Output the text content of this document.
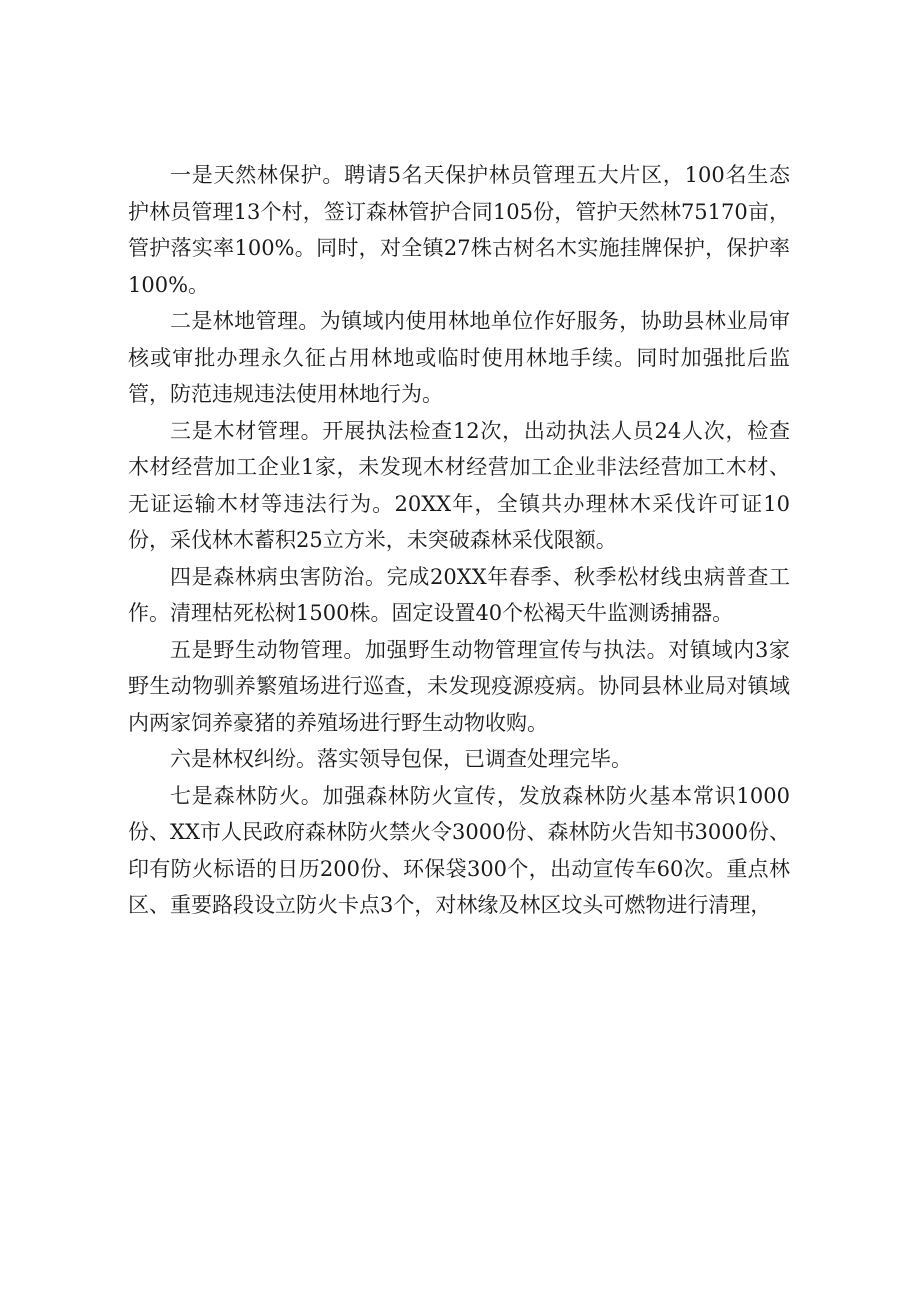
一是天然林保护。聘请5名天保护林员管理五大片区，100名生态护林员管理13个村，签订森林管护合同105份，管护天然林75170亩，管护落实率100%。同时，对全镇27株古树名木实施挂牌保护，保护率100%。

二是林地管理。为镇域内使用林地单位作好服务，协助县林业局审核或审批办理永久征占用林地或临时使用林地手续。同时加强批后监管，防范违规违法使用林地行为。

三是木材管理。开展执法检查12次，出动执法人员24人次，检查木材经营加工企业1家，未发现木材经营加工企业非法经营加工木材、无证运输木材等违法行为。20XX年，全镇共办理林木采伐许可证10份，采伐林木蓄积25立方米，未突破森林采伐限额。

四是森林病虫害防治。完成20XX年春季、秋季松材线虫病普查工作。清理枯死松树1500株。固定设置40个松褐天牛监测诱捕器。

五是野生动物管理。加强野生动物管理宣传与执法。对镇域内3家野生动物驯养繁殖场进行巡查，未发现疫源疫病。协同县林业局对镇域内两家饲养豪猪的养殖场进行野生动物收购。

六是林权纠纷。落实领导包保，已调查处理完毕。

七是森林防火。加强森林防火宣传，发放森林防火基本常识1000份、XX市人民政府森林防火禁火令3000份、森林防火告知书3000份、印有防火标语的日历200份、环保袋300个，出动宣传车60次。重点林区、重要路段设立防火卡点3个，对林缘及林区坟头可燃物进行清理，
